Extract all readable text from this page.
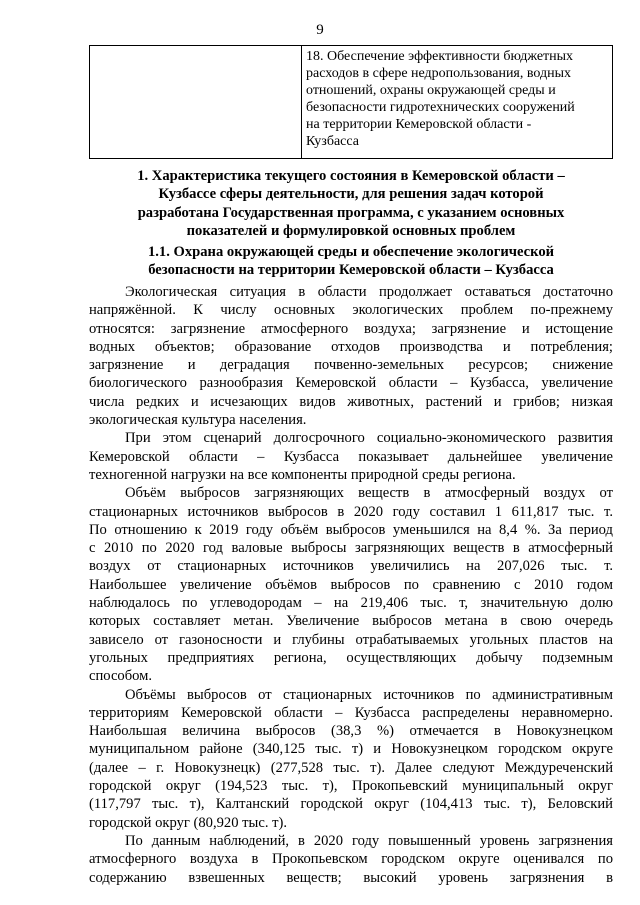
9

18. Обеспечение эффективности бюджетных
расходов в сфере недропользования, водных
отношений, охраны окружающей среды и
безопасности гидротехнических сооружений
на территории Кемеровской области -
Кузбасса
1. Характеристика текущего состояния в Кемеровской области –
Кузбассе сферы деятельности, для решения задач которой
разработана Государственная программа, с указанием основных
показателей и формулировкой основных проблем
1.1. Охрана окружающей среды и обеспечение экологической
безопасности на территории Кемеровской области – Кузбасса
Экологическая ситуация в области продолжает оставаться достаточно
напряжённой. К числу основных экологических проблем по-прежнему
относятся: загрязнение атмосферного воздуха; загрязнение и истощение
водных объектов; образование отходов производства и потребления;
загрязнение и деградация почвенно-земельных ресурсов; снижение
биологического разнообразия Кемеровской области – Кузбасса, увеличение
числа редких и исчезающих видов животных, растений и грибов; низкая
экологическая культура населения.
При этом сценарий долгосрочного социально-экономического развития
Кемеровской области – Кузбасса показывает дальнейшее увеличение
техногенной нагрузки на все компоненты природной среды региона.
Объём выбросов загрязняющих веществ в атмосферный воздух от
стационарных источников выбросов в 2020 году составил 1 611,817 тыс. т.
По отношению к 2019 году объём выбросов уменьшился на 8,4 %. За период
с 2010 по 2020 год валовые выбросы загрязняющих веществ в атмосферный
воздух от стационарных источников увеличились на 207,026 тыс. т.
Наибольшее увеличение объёмов выбросов по сравнению с 2010 годом
наблюдалось по углеводородам – на 219,406 тыс. т, значительную долю
которых составляет метан. Увеличение выбросов метана в свою очередь
зависело от газоносности и глубины отрабатываемых угольных пластов на
угольных предприятиях региона, осуществляющих добычу подземным
способом.
Объёмы выбросов от стационарных источников по административным
территориям Кемеровской области – Кузбасса распределены неравномерно.
Наибольшая величина выбросов (38,3 %) отмечается в Новокузнецком
муниципальном районе (340,125 тыс. т) и Новокузнецком городском округе
(далее – г. Новокузнецк) (277,528 тыс. т). Далее следуют Междуреченский
городской округ (194,523 тыс. т), Прокопьевский муниципальный округ
(117,797 тыс. т), Калтанский городской округ (104,413 тыс. т), Беловский
городской округ (80,920 тыс. т).
По данным наблюдений, в 2020 году повышенный уровень загрязнения
атмосферного воздуха в Прокопьевском городском округе оценивался по
содержанию взвешенных веществ; высокий уровень загрязнения в
